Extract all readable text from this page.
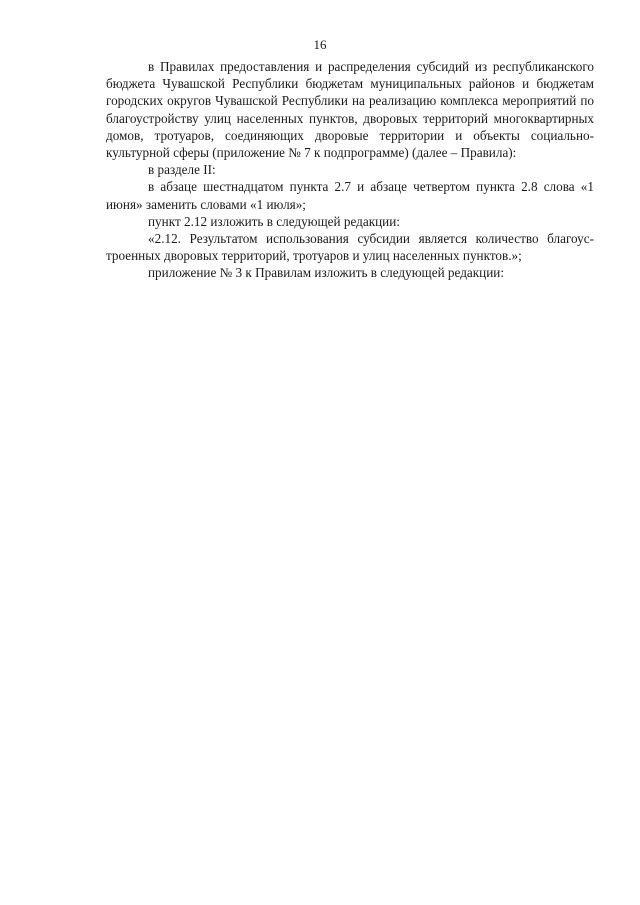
16

в Правилах предоставления и распределения субсидий из республиканского бюджета Чувашской Республики бюджетам муниципальных районов и бюджетам городских округов Чувашской Республики на реализацию комплекса мероприятий по благоустройству улиц населенных пунктов, дворовых территорий многоквартирных домов, тротуаров, соединяющих дворовые территории и объекты социально-культурной сферы (приложение № 7 к подпрограмме) (далее – Правила):

в разделе II:

в абзаце шестнадцатом пункта 2.7 и абзаце четвертом пункта 2.8 слова «1 июня» заменить словами «1 июля»;

пункт 2.12 изложить в следующей редакции:

«2.12. Результатом использования субсидии является количество благоустроенных дворовых территорий, тротуаров и улиц населенных пунктов.»;

приложение № 3 к Правилам изложить в следующей редакции:
